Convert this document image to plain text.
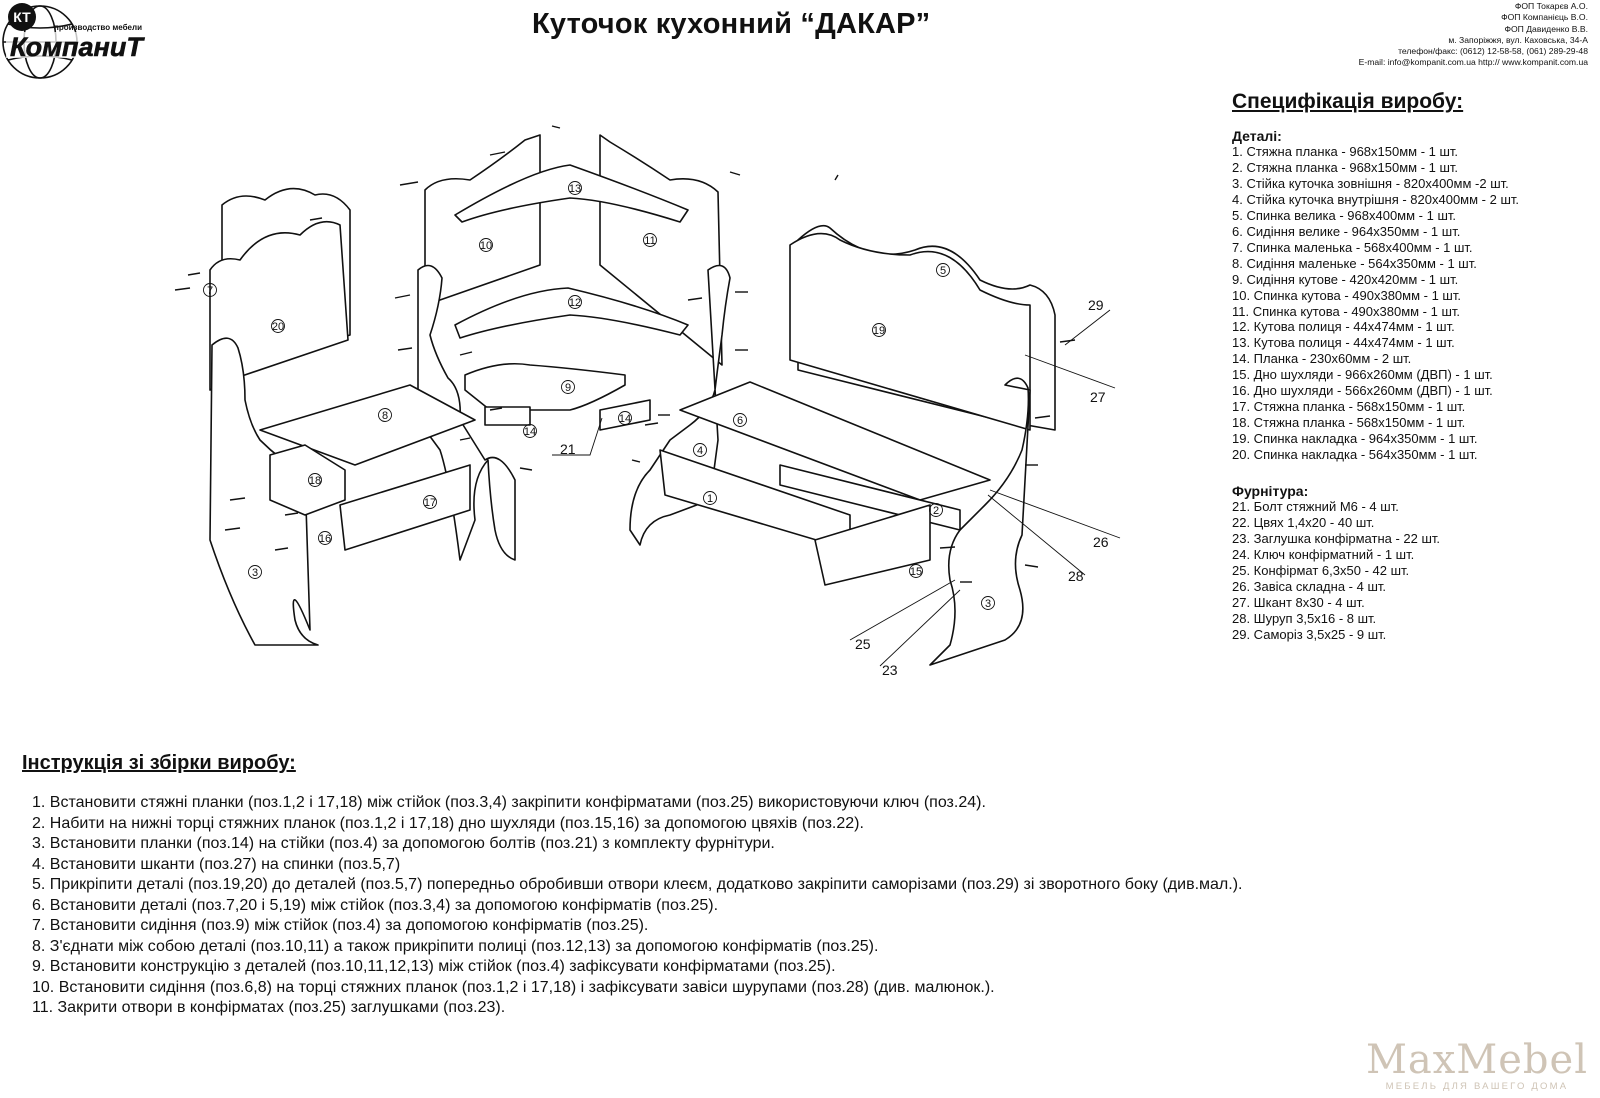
КТ
производство мебели
КомпаниТ
Куточок кухонний “ДАКАР”
ФОП Токарєв А.О.
ФОП Компанієць В.О.
ФОП Давиденко В.В.
м. Запоріжжя, вул. Каховська, 34-А
телефон/факс: (0612) 12-58-58, (061) 289-29-48
E-mail: info@kompanit.com.ua http:// www.kompanit.com.ua
Специфікація виробу:
Деталі:
1. Стяжна планка - 968х150мм - 1 шт.
2. Стяжна планка - 968х150мм - 1 шт.
3. Стійка куточка зовнішня - 820х400мм -2 шт.
4. Стійка куточка внутрішня - 820х400мм - 2 шт.
5. Спинка велика - 968х400мм - 1 шт.
6. Сидіння велике - 964х350мм - 1 шт.
7. Спинка маленька - 568х400мм - 1 шт.
8. Сидіння маленьке - 564х350мм - 1 шт.
9. Сидіння кутове - 420х420мм - 1 шт.
10. Спинка кутова - 490х380мм - 1 шт.
11. Спинка кутова - 490х380мм - 1 шт.
12. Кутова полиця - 44х474мм - 1 шт.
13. Кутова полиця - 44х474мм - 1 шт.
14. Планка - 230х60мм - 2 шт.
15. Дно шухляди - 966х260мм (ДВП) - 1 шт.
16. Дно шухляди - 566х260мм (ДВП) - 1 шт.
17. Стяжна планка - 568х150мм - 1 шт.
18. Стяжна планка - 568х150мм - 1 шт.
19. Спинка накладка - 964х350мм - 1 шт.
20. Спинка накладка - 564х350мм - 1 шт.
Фурнітура:
21. Болт стяжний М6 - 4 шт.
22. Цвях 1,4х20 - 40 шт.
23. Заглушка конфірматна - 22 шт.
24. Ключ конфірматний - 1 шт.
25. Конфірмат 6,3х50 - 42 шт.
26. Завіса складна - 4 шт.
27. Шкант 8х30 - 4 шт.
28. Шуруп 3,5х16 - 8 шт.
29. Саморіз 3,5х25 - 9 шт.
1
2
3
3
4
5
6
7
8
9
10	11
12
13
14
14
15
16
17
18
19
20
21
23
25
26
27
28
29
Інструкція зі збірки виробу:
1. Встановити стяжні планки (поз.1,2 і 17,18) між стійок (поз.3,4) закріпити конфірматами (поз.25) використовуючи ключ (поз.24).
2. Набити на нижні торці стяжних планок (поз.1,2 і 17,18) дно шухляди (поз.15,16) за допомогою цвяхів (поз.22).
3. Встановити планки (поз.14) на стійки (поз.4) за допомогою болтів (поз.21) з комплекту фурнітури.
4. Встановити шканти (поз.27) на спинки (поз.5,7)
5. Прикріпити деталі (поз.19,20) до деталей (поз.5,7) попередньо обробивши отвори клеєм, додатково закріпити саморізами (поз.29) зі зворотного боку (див.мал.).
6. Встановити деталі (поз.7,20 і 5,19) між стійок (поз.3,4) за допомогою конфірматів (поз.25).
7. Встановити сидіння (поз.9) між стійок (поз.4) за допомогою конфірматів (поз.25).
8. З'єднати між собою деталі (поз.10,11) а також прикріпити полиці (поз.12,13) за допомогою конфірматів (поз.25).
9. Встановити конструкцію з деталей (поз.10,11,12,13) між стійок (поз.4) зафіксувати конфірматами (поз.25).
10. Встановити сидіння (поз.6,8) на торці стяжних планок (поз.1,2 і 17,18) і зафіксувати завіси шурупами (поз.28) (див. малюнок.).
11. Закрити отвори в конфірматах (поз.25) заглушками (поз.23).
MaxMebel
МЕБЕЛЬ ДЛЯ ВАШЕГО ДОМА
